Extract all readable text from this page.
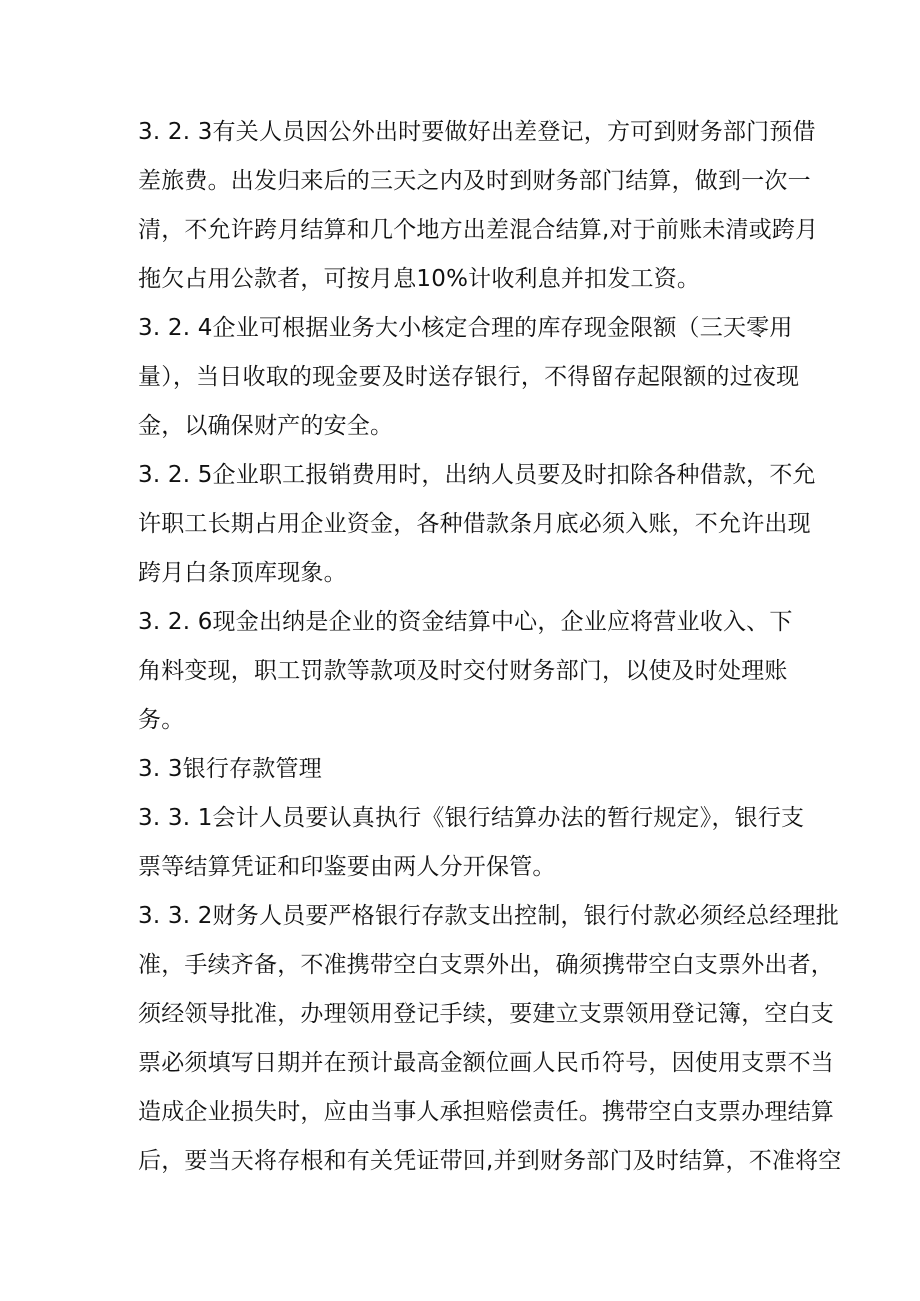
3. 2. 3有关人员因公外出时要做好出差登记，方可到财务部门预借
差旅费。出发归来后的三天之内及时到财务部门结算，做到一次一
清，不允许跨月结算和几个地方出差混合结算,对于前账未清或跨月
拖欠占用公款者，可按月息10%计收利息并扣发工资。
3. 2. 4企业可根据业务大小核定合理的库存现金限额（三天零用
量），当日收取的现金要及时送存银行，不得留存起限额的过夜现
金，以确保财产的安全。
3. 2. 5企业职工报销费用时，出纳人员要及时扣除各种借款，不允
许职工长期占用企业资金，各种借款条月底必须入账，不允许出现
跨月白条顶库现象。
3. 2. 6现金出纳是企业的资金结算中心，企业应将营业收入、下
角料变现，职工罚款等款项及时交付财务部门，以使及时处理账
务。
3. 3银行存款管理
3. 3. 1会计人员要认真执行《银行结算办法的暂行规定》，银行支
票等结算凭证和印鉴要由两人分开保管。
3. 3. 2财务人员要严格银行存款支出控制，银行付款必须经总经理批
准，手续齐备，不准携带空白支票外出，确须携带空白支票外出者，
须经领导批准，办理领用登记手续，要建立支票领用登记簿，空白支
票必须填写日期并在预计最高金额位画人民币符号，因使用支票不当
造成企业损失时，应由当事人承担赔偿责任。携带空白支票办理结算
后，要当天将存根和有关凭证带回,并到财务部门及时结算，不准将空
